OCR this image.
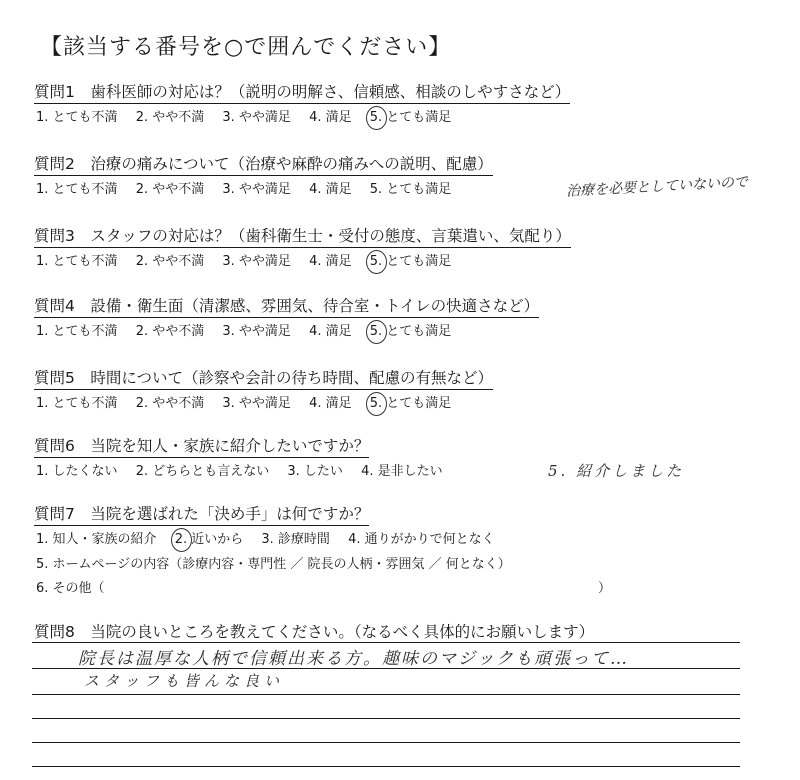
【該当する番号を○で囲んでください】
質問1　歯科医師の対応は？（説明の明解さ、信頼感、相談のしやすさなど）
1. とても不満 2. やや不満 3. やや満足 4. 満足 5. とても満足
質問2　治療の痛みについて（治療や麻酔の痛みへの説明、配慮）
1. とても不満 2. やや不満 3. やや満足 4. 満足 5. とても満足	治療を必要としていないので
質問3　スタッフの対応は？（歯科衛生士・受付の態度、言葉遣い、気配り）
1. とても不満 2. やや不満 3. やや満足 4. 満足 5. とても満足
質問4　設備・衛生面（清潔感、雰囲気、待合室・トイレの快適さなど）
1. とても不満 2. やや不満 3. やや満足 4. 満足 5. とても満足
質問5　時間について（診察や会計の待ち時間、配慮の有無など）
1. とても不満 2. やや不満 3. やや満足 4. 満足 5. とても満足
質問6　当院を知人・家族に紹介したいですか？
1. したくない 2. どちらとも言えない 3. したい 4. 是非したい	5. 紹介しました
質問7　当院を選ばれた「決め手」は何ですか？
1. 知人・家族の紹介 2. 近いから 3. 診療時間 4. 通りがかりで何となく
5. ホームページの内容（診療内容・専門性 ／ 院長の人柄・雰囲気 ／ 何となく）
6. その他（	）
質問8　当院の良いところを教えてください。（なるべく具体的にお願いします）
院長は温厚な人柄で信頼出来る方。趣味のマジックも頑張って…
スタッフも皆んな良い
